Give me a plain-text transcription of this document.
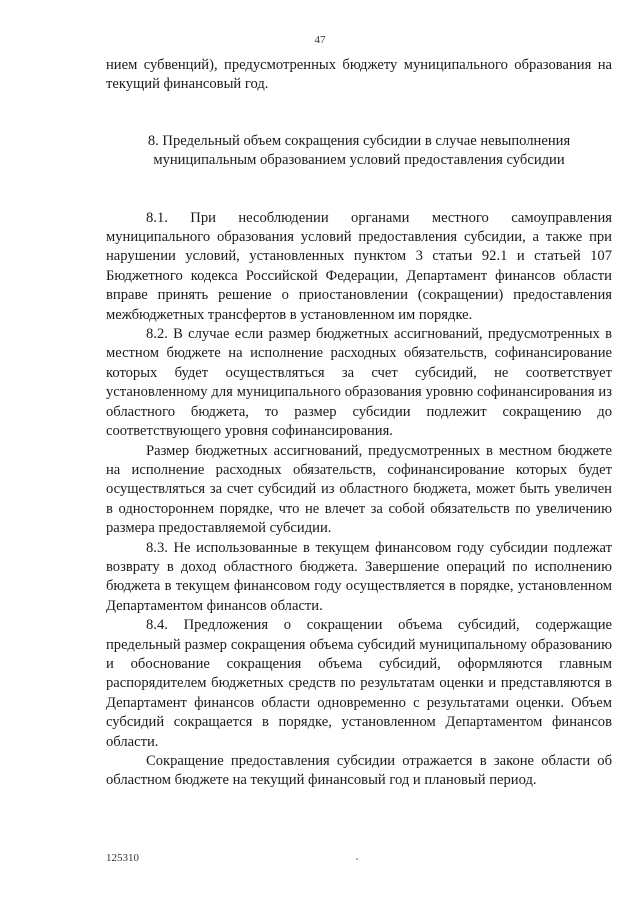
47

нием субвенций), предусмотренных бюджету муниципального образования на текущий финансовый год.

8. Предельный объем сокращения субсидии в случае невыполнения муниципальным образованием условий предоставления субсидии

8.1. При несоблюдении органами местного самоуправления муниципального образования условий предоставления субсидии, а также при нарушении условий, установленных пунктом 3 статьи 92.1 и статьей 107 Бюджетного кодекса Российской Федерации, Департамент финансов области вправе принять решение о приостановлении (сокращении) предоставления межбюджетных трансфертов в установленном им порядке.

8.2. В случае если размер бюджетных ассигнований, предусмотренных в местном бюджете на исполнение расходных обязательств, софинансирование которых будет осуществляться за счет субсидий, не соответствует установленному для муниципального образования уровню софинансирования из областного бюджета, то размер субсидии подлежит сокращению до соответствующего уровня софинансирования.

Размер бюджетных ассигнований, предусмотренных в местном бюджете на исполнение расходных обязательств, софинансирование которых будет осуществляться за счет субсидий из областного бюджета, может быть увеличен в одностороннем порядке, что не влечет за собой обязательств по увеличению размера предоставляемой субсидии.

8.3. Не использованные в текущем финансовом году субсидии подлежат возврату в доход областного бюджета. Завершение операций по исполнению бюджета в текущем финансовом году осуществляется в порядке, установленном Департаментом финансов области.

8.4. Предложения о сокращении объема субсидий, содержащие предельный размер сокращения объема субсидий муниципальному образованию и обоснование сокращения объема субсидий, оформляются главным распорядителем бюджетных средств по результатам оценки и представляются в Департамент финансов области одновременно с результатами оценки. Объем субсидий сокращается в порядке, установленном Департаментом финансов области.

Сокращение предоставления субсидии отражается в законе области об областном бюджете на текущий финансовый год и плановый период.

125310
